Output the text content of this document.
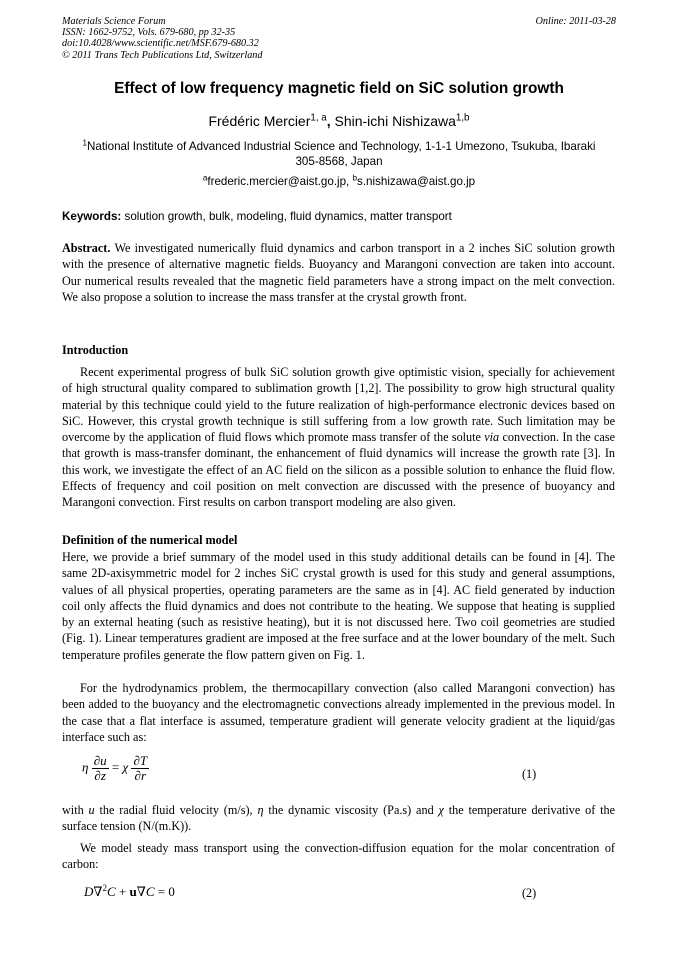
Materials Science Forum
ISSN: 1662-9752, Vols. 679-680, pp 32-35
doi:10.4028/www.scientific.net/MSF.679-680.32
© 2011 Trans Tech Publications Ltd, Switzerland
Online: 2011-03-28
Effect of low frequency magnetic field on SiC solution growth
Frédéric Mercier$^{1, a}$, Shin-ichi Nishizawa$^{1,b}$
$^1$National Institute of Advanced Industrial Science and Technology, 1-1-1 Umezono, Tsukuba, Ibaraki 305-8568, Japan
$^a$frederic.mercier@aist.go.jp, $^b$s.nishizawa@aist.go.jp
Keywords: solution growth, bulk, modeling, fluid dynamics, matter transport
Abstract. We investigated numerically fluid dynamics and carbon transport in a 2 inches SiC solution growth with the presence of alternative magnetic fields. Buoyancy and Marangoni convection are taken into account. Our numerical results revealed that the magnetic field parameters have a strong impact on the melt convection. We also propose a solution to increase the mass transfer at the crystal growth front.
Introduction
Recent experimental progress of bulk SiC solution growth give optimistic vision, specially for achievement of high structural quality compared to sublimation growth [1,2]. The possibility to grow high structural quality material by this technique could yield to the future realization of high-performance electronic devices based on SiC. However, this crystal growth technique is still suffering from a low growth rate. Such limitation may be overcome by the application of fluid flows which promote mass transfer of the solute via convection. In the case that growth is mass-transfer dominant, the enhancement of fluid dynamics will increase the growth rate [3]. In this work, we investigate the effect of an AC field on the silicon as a possible solution to enhance the fluid flow. Effects of frequency and coil position on melt convection are discussed with the presence of buoyancy and Marangoni convection. First results on carbon transport modeling are also given.
Definition of the numerical model
Here, we provide a brief summary of the model used in this study additional details can be found in [4]. The same 2D-axisymmetric model for 2 inches SiC crystal growth is used for this study and general assumptions, values of all physical properties, operating parameters are the same as in [4]. AC field generated by induction coil only affects the fluid dynamics and does not contribute to the heating. We suppose that heating is supplied by an external heating (such as resistive heating), but it is not discussed here. Two coil geometries are studied (Fig. 1). Linear temperatures gradient are imposed at the free surface and at the lower boundary of the melt. Such temperature profiles generate the flow pattern given on Fig. 1.
For the hydrodynamics problem, the thermocapillary convection (also called Marangoni convection) has been added to the buoyancy and the electromagnetic convections already implemented in the previous model. In the case that a flat interface is assumed, temperature gradient will generate velocity gradient at the liquid/gas interface such as:
η $\frac{\partial u}{\partial z} = \chi \frac{\partial T}{\partial r}$	(1)
with u the radial fluid velocity (m/s), η the dynamic viscosity (Pa.s) and χ the temperature derivative of the surface tension (N/(m.K)).
We model steady mass transport using the convection-diffusion equation for the molar concentration of carbon:
D∇$^2$C + u∇C = 0	(2)
